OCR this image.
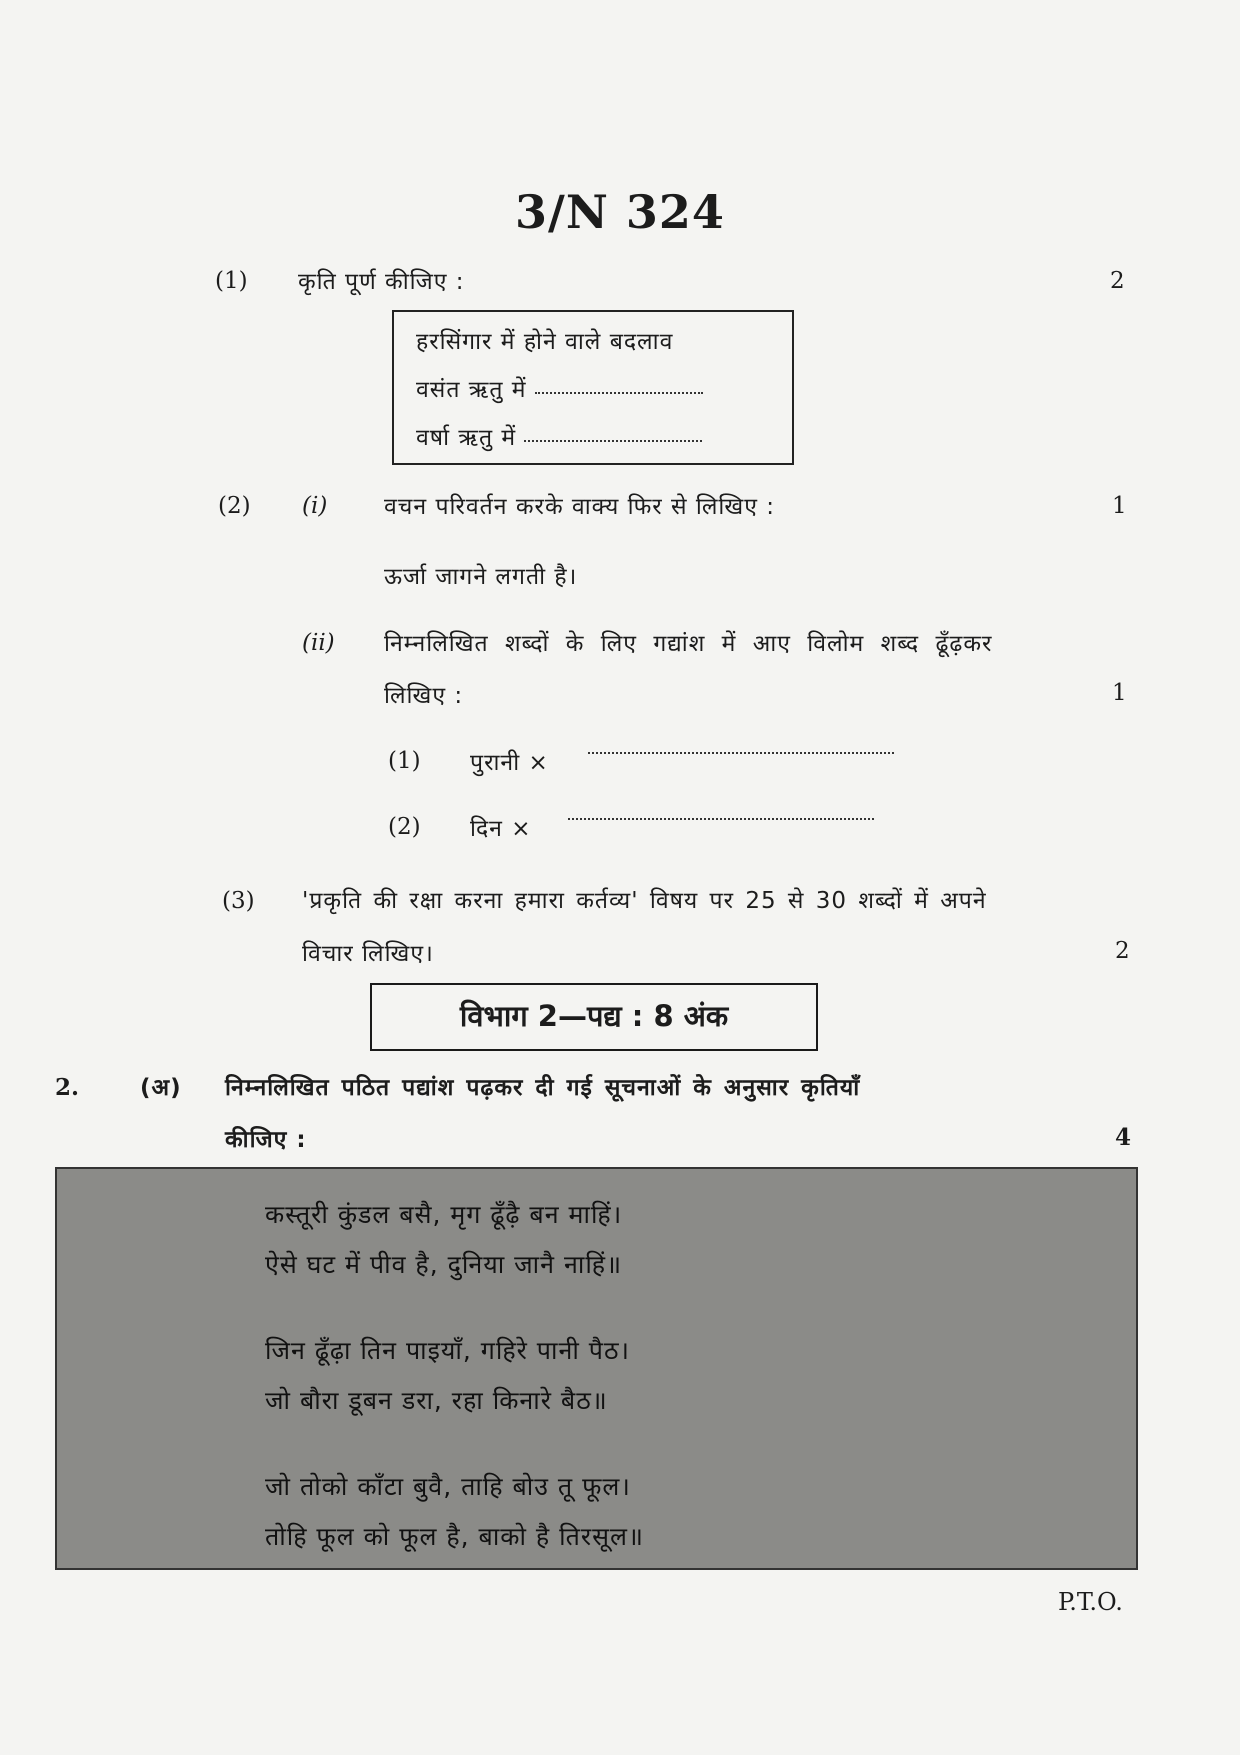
3/N 324
(1) कृति पूर्ण कीजिए :	2
हरसिंगार में होने वाले बदलाव
वसंत ऋतु में
वर्षा ऋतु में
(2) (i) वचन परिवर्तन करके वाक्य फिर से लिखिए :	1
ऊर्जा जागने लगती है।
(ii) निम्नलिखित शब्दों के लिए गद्यांश में आए विलोम शब्द ढूँढ़कर
लिखिए :	1
(1) पुरानी ×
(2) दिन ×
(3) 'प्रकृति की रक्षा करना हमारा कर्तव्य' विषय पर 25 से 30 शब्दों में अपने
विचार लिखिए।	2
विभाग 2—पद्य : 8 अंक
2.	(अ) निम्नलिखित पठित पद्यांश पढ़कर दी गई सूचनाओं के अनुसार कृतियाँ
कीजिए :	4
कस्तूरी कुंडल बसै, मृग ढूँढ़ै बन माहिं।
ऐसे घट में पीव है, दुनिया जानै नाहिं॥
जिन ढूँढ़ा तिन पाइयाँ, गहिरे पानी पैठ।
जो बौरा डूबन डरा, रहा किनारे बैठ॥
जो तोको काँटा बुवै, ताहि बोउ तू फूल।
तोहि फूल को फूल है, बाको है तिरसूल॥
P.T.O.
